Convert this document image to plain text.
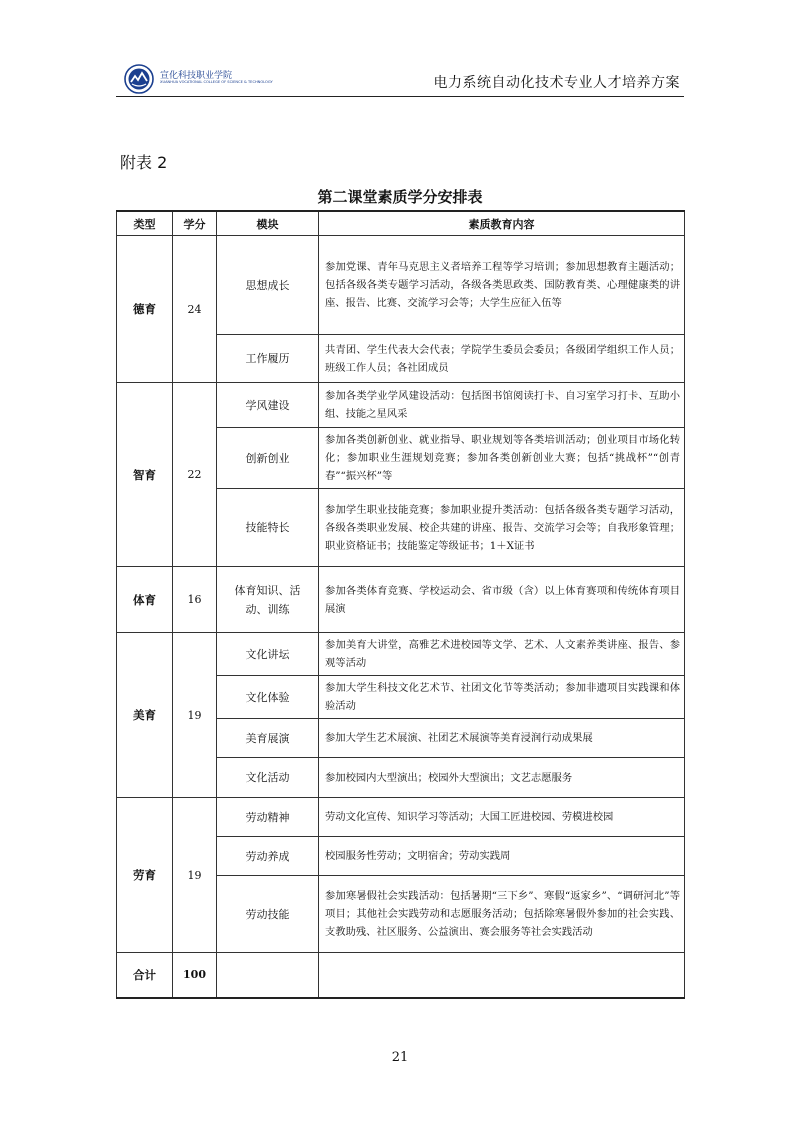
宣化科技职业学院
XUANHUA VOCATIONAL COLLEGE OF SCIENCE & TECHNOLOGY	电力系统自动化技术专业人才培养方案
附表 2
第二课堂素质学分安排表
类型	学分	模块	素质教育内容
德育	24	思想成长	参加党课、青年马克思主义者培养工程等学习培训；参加思想教育主题活动；包括各级各类专题学习活动，各级各类思政类、国防教育类、心理健康类的讲座、报告、比赛、交流学习会等；大学生应征入伍等
		工作履历	共青团、学生代表大会代表；学院学生委员会委员；各级团学组织工作人员；班级工作人员；各社团成员
智育	22	学风建设	参加各类学业学风建设活动：包括图书馆阅读打卡、自习室学习打卡、互助小组、技能之星风采
		创新创业	参加各类创新创业、就业指导、职业规划等各类培训活动；创业项目市场化转化；参加职业生涯规划竞赛；参加各类创新创业大赛；包括“挑战杯”“创青春”“振兴杯”等
		技能特长	参加学生职业技能竞赛；参加职业提升类活动：包括各级各类专题学习活动，各级各类职业发展、校企共建的讲座、报告、交流学习会等；自我形象管理；职业资格证书；技能鉴定等级证书；1＋X证书
体育	16	体育知识、活动、训练	参加各类体育竞赛、学校运动会、省市级（含）以上体育赛项和传统体育项目展演
美育	19	文化讲坛	参加美育大讲堂，高雅艺术进校园等文学、艺术、人文素养类讲座、报告、参观等活动
		文化体验	参加大学生科技文化艺术节、社团文化节等类活动；参加非遗项目实践课和体验活动
		美育展演	参加大学生艺术展演、社团艺术展演等美育浸润行动成果展
		文化活动	参加校园内大型演出；校园外大型演出；文艺志愿服务
劳育	19	劳动精神	劳动文化宣传、知识学习等活动；大国工匠进校园、劳模进校园
		劳动养成	校园服务性劳动；文明宿舍；劳动实践周
		劳动技能	参加寒暑假社会实践活动：包括暑期“三下乡”、寒假“返家乡”、“调研河北”等项目；其他社会实践劳动和志愿服务活动；包括除寒暑假外参加的社会实践、支教助残、社区服务、公益演出、赛会服务等社会实践活动
合计	100		
21
